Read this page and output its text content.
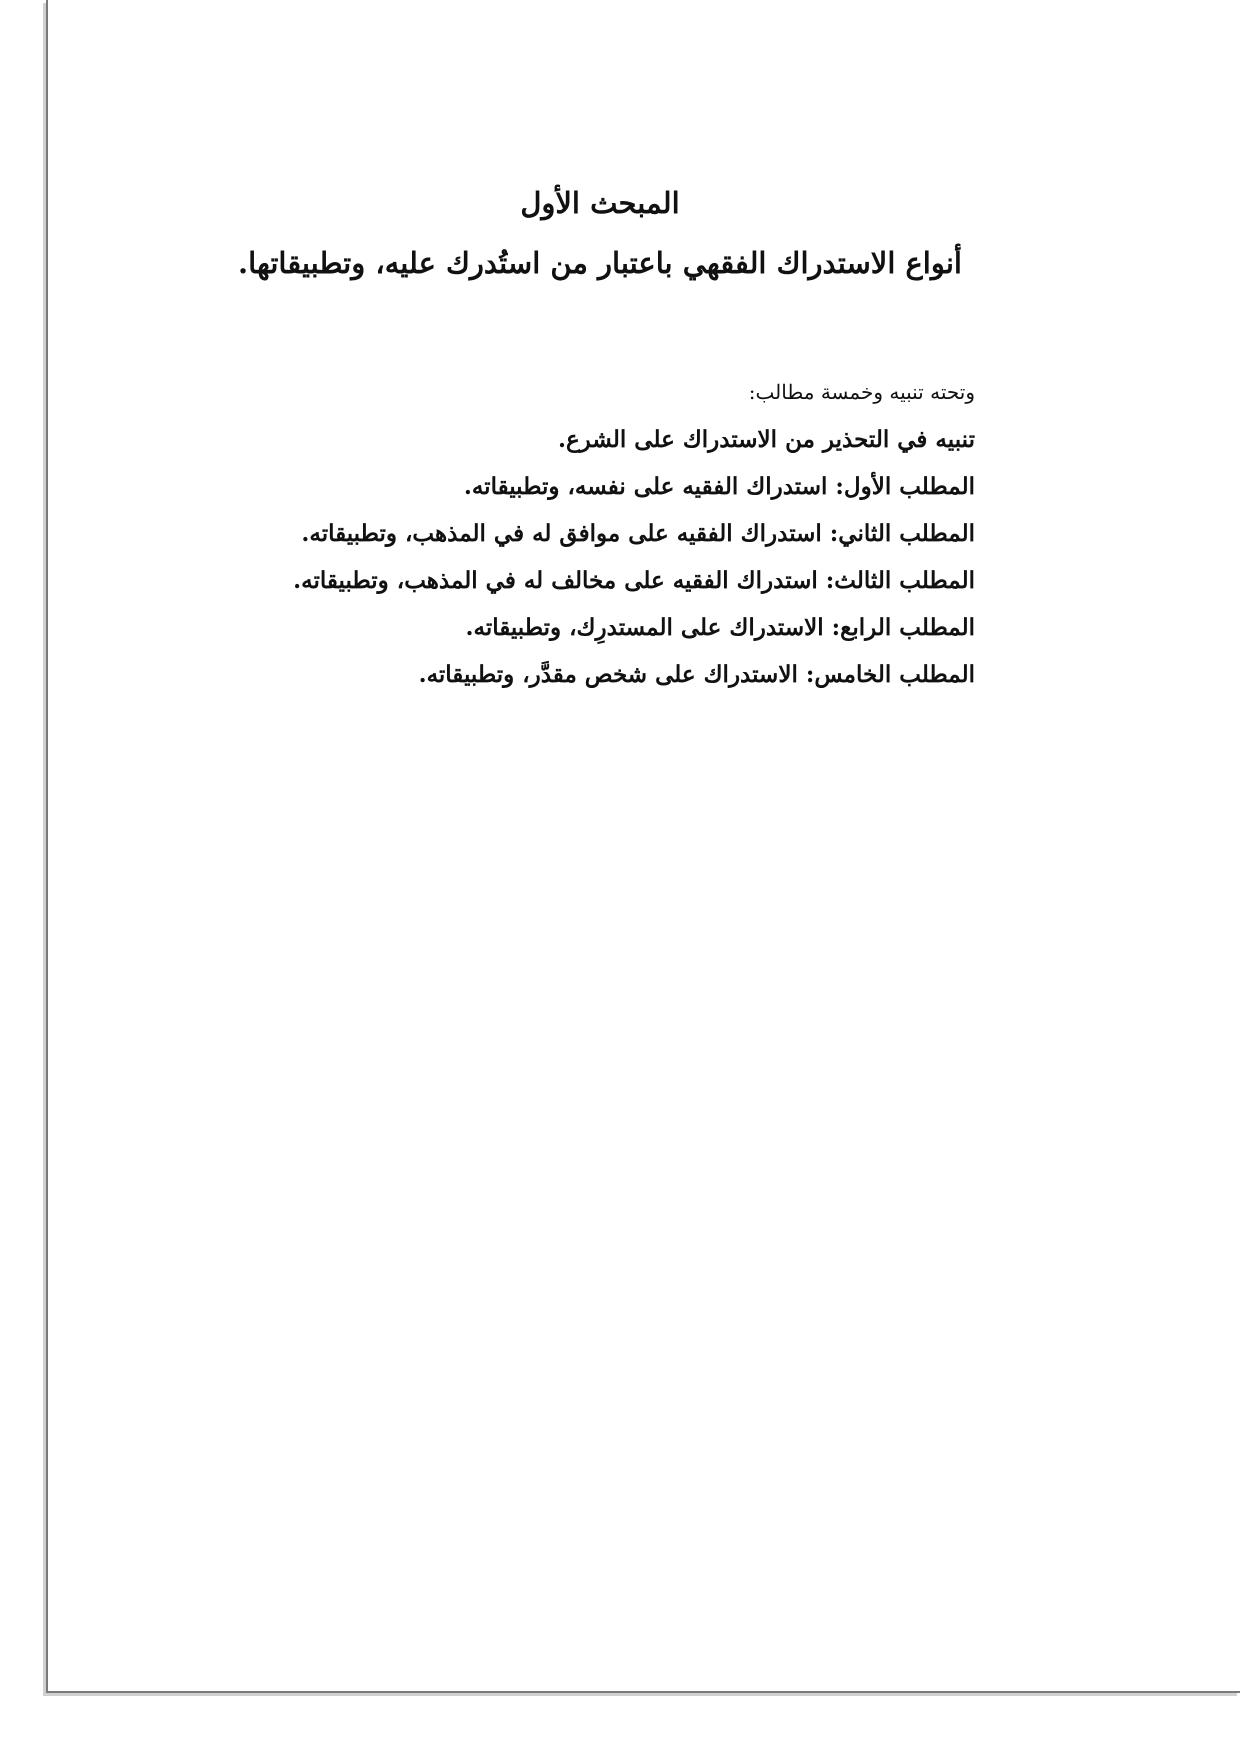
المبحث الأول
أنواع الاستدراك الفقهي باعتبار من استُدرك عليه، وتطبيقاتها.
وتحته تنبيه وخمسة مطالب:
تنبيه في التحذير من الاستدراك على الشرع.
المطلب الأول: استدراك الفقيه على نفسه، وتطبيقاته.
المطلب الثاني: استدراك الفقيه على موافق له في المذهب، وتطبيقاته.
المطلب الثالث: استدراك الفقيه على مخالف له في المذهب، وتطبيقاته.
المطلب الرابع: الاستدراك على المستدرِك، وتطبيقاته.
المطلب الخامس: الاستدراك على شخص مقدَّر، وتطبيقاته.
